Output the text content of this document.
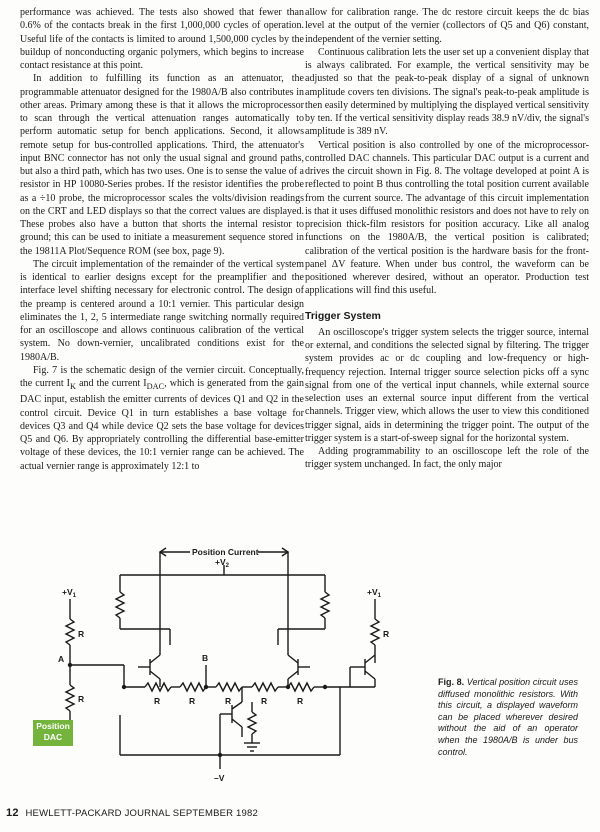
performance was achieved. The tests also showed that fewer than 0.6% of the contacts break in the first 1,000,000 cycles of operation. Useful life of the contacts is limited to around 1,500,000 cycles by the buildup of nonconducting organic polymers, which begins to increase contact resistance at this point.

In addition to fulfilling its function as an attenuator, the programmable attenuator designed for the 1980A/B also contributes in other areas. Primary among these is that it allows the microprocessor to scan through the vertical attenuation ranges automatically to perform automatic setup for bench applications. Second, it allows remote setup for bus-controlled applications. Third, the attenuator's input BNC connector has not only the usual signal and ground paths, but also a third path, which has two uses. One is to sense the value of a resistor in HP 10080-Series probes. If the resistor identifies the probe as a ÷10 probe, the microprocessor scales the volts/division readings on the CRT and LED displays so that the correct values are displayed. These probes also have a button that shorts the internal resistor to ground; this can be used to initiate a measurement sequence stored in the 19811A Plot/Sequence ROM (see box, page 9).

The circuit implementation of the remainder of the vertical system is identical to earlier designs except for the preamplifier and the interface level shifting necessary for electronic control. The design of the preamp is centered around a 10:1 vernier. This particular design eliminates the 1, 2, 5 intermediate range switching normally required for an oscilloscope and allows continuous calibration of the vertical system. No down-vernier, uncalibrated conditions exist for the 1980A/B.

Fig. 7 is the schematic design of the vernier circuit. Conceptually, the current $I_K$ and the current $I_{DAC}$, which is generated from the gain DAC input, establish the emitter currents of devices Q1 and Q2 in the control circuit. Device Q1 in turn establishes a base voltage for devices Q3 and Q4 while device Q2 sets the base voltage for devices Q5 and Q6. By appropriately controlling the differential base-emitter voltage of these devices, the 10:1 vernier range can be achieved. The actual vernier range is approximately 12:1 to

allow for calibration range. The dc restore circuit keeps the dc bias level at the output of the vernier (collectors of Q5 and Q6) constant, independent of the vernier setting.

Continuous calibration lets the user set up a convenient display that is always calibrated. For example, the vertical sensitivity may be adjusted so that the peak-to-peak display of a signal of unknown amplitude covers ten divisions. The signal's peak-to-peak amplitude is then easily determined by multiplying the displayed vertical sensitivity by ten. If the vertical sensitivity display reads 38.9 nV/div, the signal's amplitude is 389 nV.

Vertical position is also controlled by one of the microprocessor-controlled DAC channels. This particular DAC output is a current and drives the circuit shown in Fig. 8. The voltage developed at point A is reflected to point B thus controlling the total position current available from the current source. The advantage of this circuit implementation is that it uses diffused monolithic resistors and does not have to rely on precision thick-film resistors for position accuracy. Like all analog functions on the 1980A/B, the vertical position is calibrated; calibration of the vertical position is the hardware basis for the front-panel ΔV feature. When under bus control, the waveform can be positioned wherever desired, without an operator. Production test applications will find this useful.

Trigger System

An oscilloscope's trigger system selects the trigger source, internal or external, and conditions the selected signal by filtering. The trigger system provides ac or dc coupling and low-frequency or high-frequency rejection. Internal trigger source selection picks off a sync signal from one of the vertical input channels, while external source selection uses an external source input different from the vertical channels. Trigger view, which allows the user to view this conditioned trigger signal, aids in determining the trigger point. The output of the trigger system is a start-of-sweep signal for the horizontal system.

Adding programmability to an oscilloscope left the role of the trigger system unchanged. In fact, the only major

Position Current
$+V_2$
$+V_1$	$+V_1$
R
R	R	R	R	R	R
R
A	B
–V
Position
DAC
Fig. 8. Vertical position circuit uses diffused monolithic resistors. With this circuit, a displayed waveform can be placed wherever desired without the aid of an operator when the 1980A/B is under bus control.
12 HEWLETT-PACKARD JOURNAL SEPTEMBER 1982
